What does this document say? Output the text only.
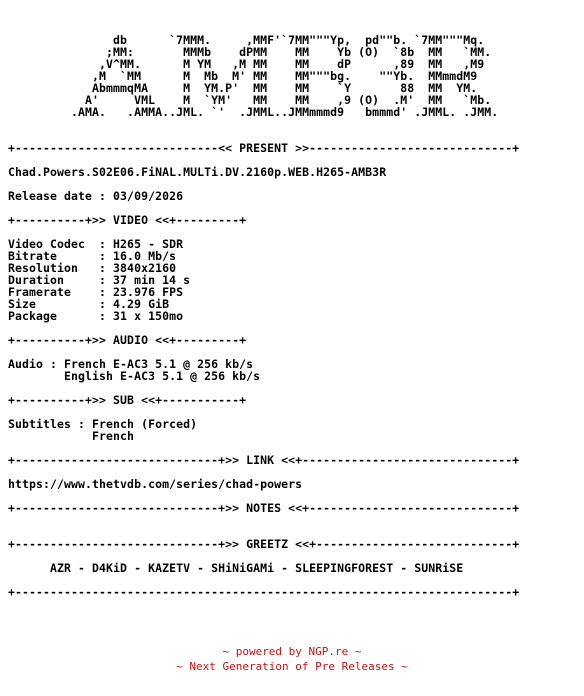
db      `7MMM.     ,MMF'`7MM"""Yp,  pd""b. `7MM"""Mq.
;MM:       MMMb    dPMM    MM    Yb (O)  `8b  MM   `MM.
,V^MM.      M YM   ,M MM    MM    dP      ,89  MM   ,M9
,M  `MM      M  Mb  M' MM    MM"""bg.    ""Yb.  MMmmdM9
AbmmmqMA     M  YM.P'  MM    MM    `Y       88  MM  YM.
A'     VML    M  `YM'   MM    MM    ,9 (O)  .M'  MM   `Mb.
.AMA.   .AMMA..JML. `'  .JMML..JMMmmmd9   bmmmd' .JMML. .JMM.

+-----------------------------<< PRESENT >>-----------------------------+

Chad.Powers.S02E06.FiNAL.MULTi.DV.2160p.WEB.H265-AMB3R

Release date : 03/09/2026

+----------+>> VIDEO <<+---------+

Video Codec  : H265 - SDR
Bitrate      : 16.0 Mb/s
Resolution   : 3840x2160
Duration     : 37 min 14 s
Framerate    : 23.976 FPS
Size         : 4.29 GiB
Package      : 31 x 150mo

+----------+>> AUDIO <<+---------+

Audio : French E-AC3 5.1 @ 256 kb/s
English E-AC3 5.1 @ 256 kb/s

+----------+>> SUB <<+-----------+

Subtitles : French (Forced)
French

+-----------------------------+>> LINK <<+------------------------------+

https://www.thetvdb.com/series/chad-powers

+-----------------------------+>> NOTES <<+-----------------------------+

+-----------------------------+>> GREETZ <<+----------------------------+

AZR - D4KiD - KAZETV - SHiNiGAMi - SLEEPINGFOREST - SUNRiSE

+-----------------------------------------------------------------------+
~ powered by NGP.re ~
~ Next Generation of Pre Releases ~
